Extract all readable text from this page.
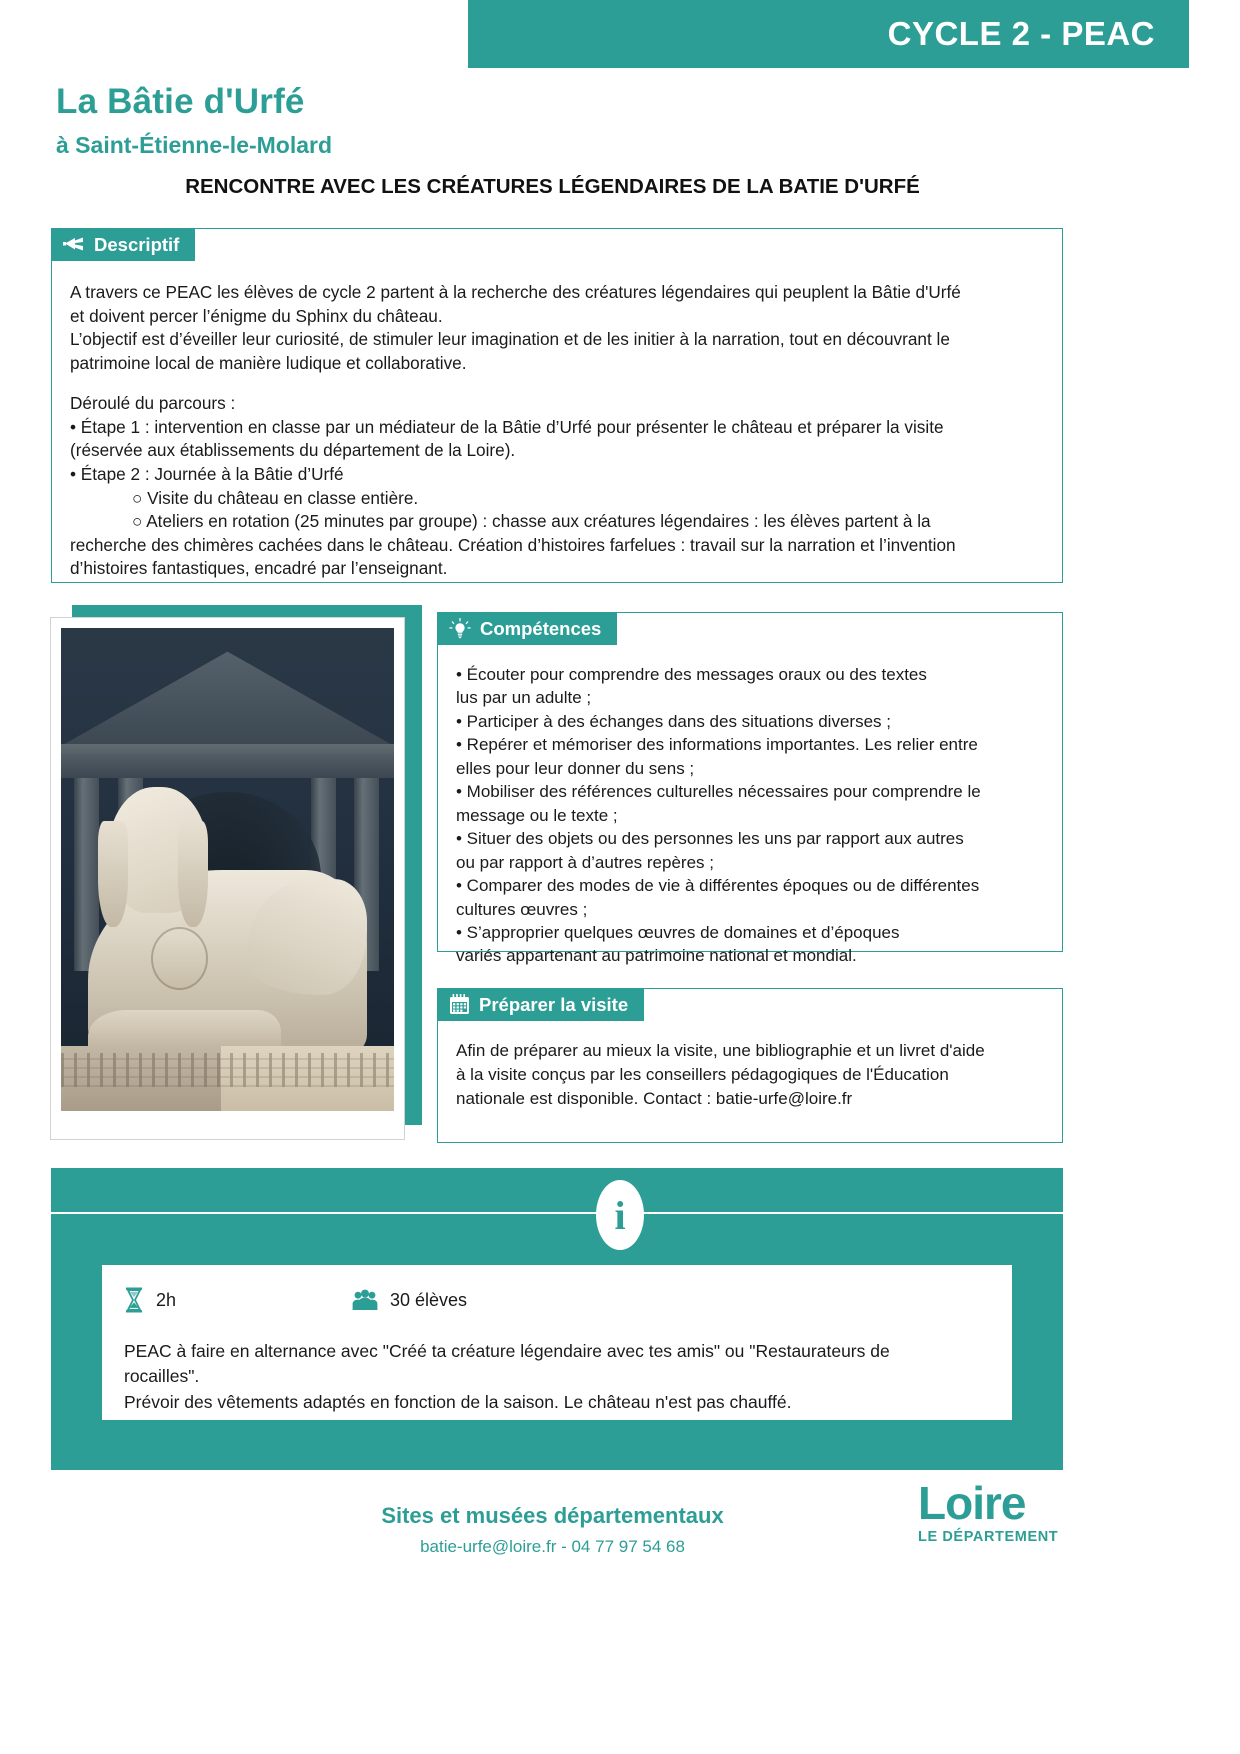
CYCLE 2 - PEAC
La Bâtie d'Urfé
à Saint-Étienne-le-Molard
RENCONTRE AVEC LES CRÉATURES LÉGENDAIRES DE LA BATIE D'URFÉ
Descriptif

A travers ce PEAC les élèves de cycle 2 partent à la recherche des créatures légendaires qui peuplent la Bâtie d'Urfé

et doivent percer l’énigme du Sphinx du château.

L’objectif est d’éveiller leur curiosité, de stimuler leur imagination et de les initier à la narration, tout en découvrant le

patrimoine local de manière ludique et collaborative.

Déroulé du parcours :

• Étape 1 : intervention en classe par un médiateur de la Bâtie d’Urfé pour présenter le château et préparer la visite

(réservée aux établissements du département de la Loire).

• Étape 2 : Journée à la Bâtie d’Urfé

○ Visite du château en classe entière.

○ Ateliers en rotation (25 minutes par groupe) : chasse aux créatures légendaires : les élèves partent à la

recherche des chimères cachées dans le château. Création d’histoires farfelues : travail sur la narration et l’invention

d’histoires fantastiques, encadré par l’enseignant.

Compétences

• Écouter pour comprendre des messages oraux ou des textes

lus par un adulte ;

• Participer à des échanges dans des situations diverses ;

• Repérer et mémoriser des informations importantes. Les relier entre

elles pour leur donner du sens ;

• Mobiliser des références culturelles nécessaires pour comprendre le

message ou le texte ;

• Situer des objets ou des personnes les uns par rapport aux autres

ou par rapport à d’autres repères ;

• Comparer des modes de vie à différentes époques ou de différentes

cultures œuvres ;

• S’approprier quelques œuvres de domaines et d’époques

variés appartenant au patrimoine national et mondial.

Préparer la visite

Afin de préparer au mieux la visite, une bibliographie et un livret d'aide

à la visite conçus par les conseillers pédagogiques de l'Éducation

nationale est disponible. Contact : batie-urfe@loire.fr

i
2h	30 élèves

PEAC à faire en alternance avec "Créé ta créature légendaire avec tes amis" ou "Restaurateurs de

rocailles".

Prévoir des vêtements adaptés en fonction de la saison. Le château n'est pas chauffé.

Sites et musées départementaux
batie-urfe@loire.fr - 04 77 97 54 68
Loire
LE DÉPARTEMENT
